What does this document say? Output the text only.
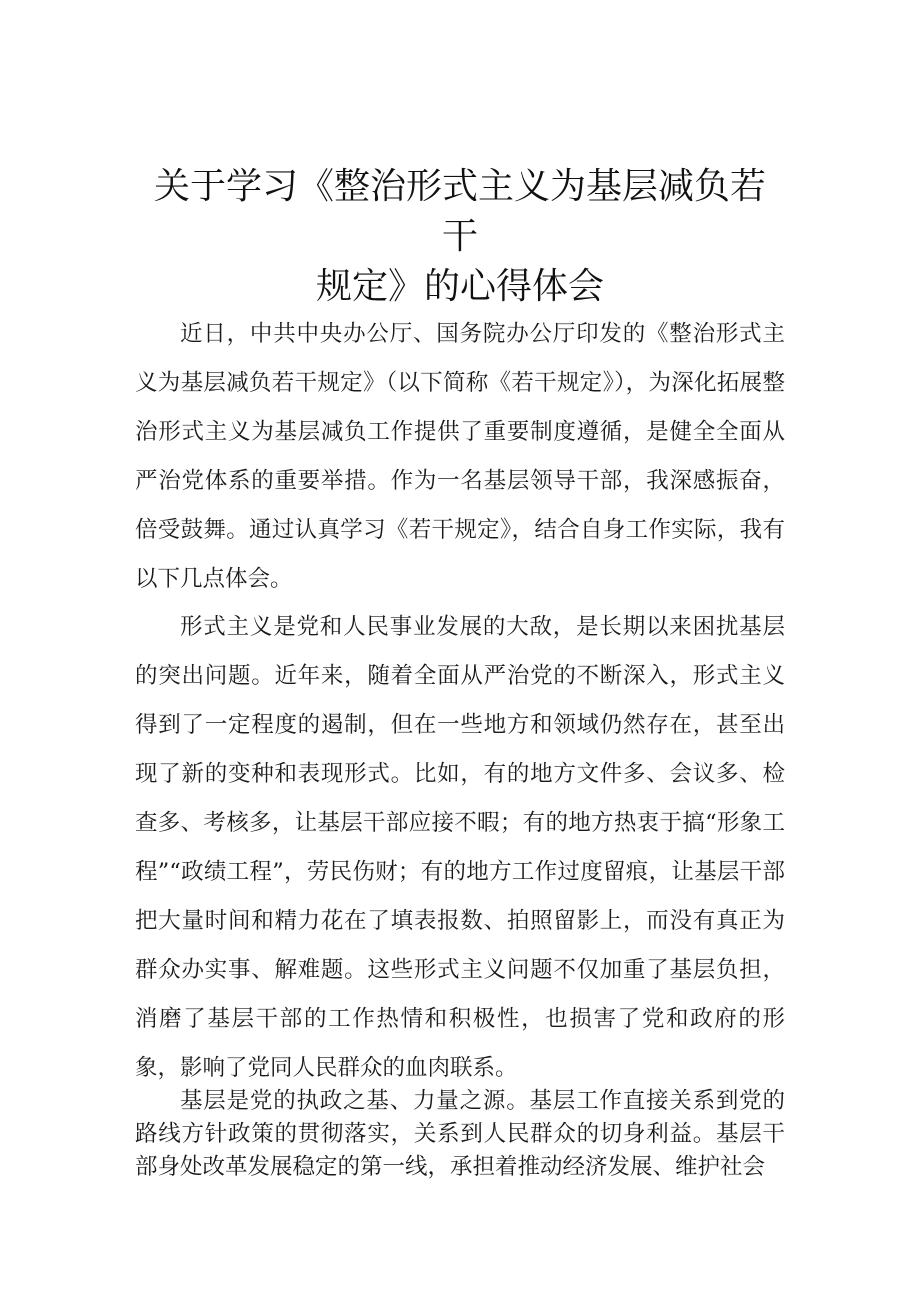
关于学习《整治形式主义为基层减负若干
规定》的心得体会

近日，中共中央办公厅、国务院办公厅印发的《整治形式主义为基层减负若干规定》（以下简称《若干规定》），为深化拓展整治形式主义为基层减负工作提供了重要制度遵循，是健全全面从严治党体系的重要举措。作为一名基层领导干部，我深感振奋，倍受鼓舞。通过认真学习《若干规定》，结合自身工作实际，我有以下几点体会。

形式主义是党和人民事业发展的大敌，是长期以来困扰基层的突出问题。近年来，随着全面从严治党的不断深入，形式主义得到了一定程度的遏制，但在一些地方和领域仍然存在，甚至出现了新的变种和表现形式。比如，有的地方文件多、会议多、检查多、考核多，让基层干部应接不暇；有的地方热衷于搞“形象工程”“政绩工程”，劳民伤财；有的地方工作过度留痕，让基层干部把大量时间和精力花在了填表报数、拍照留影上，而没有真正为群众办实事、解难题。这些形式主义问题不仅加重了基层负担，消磨了基层干部的工作热情和积极性，也损害了党和政府的形象，影响了党同人民群众的血肉联系。

基层是党的执政之基、力量之源。基层工作直接关系到党的路线方针政策的贯彻落实，关系到人民群众的切身利益。基层干部身处改革发展稳定的第一线，承担着推动经济发展、维护社会
